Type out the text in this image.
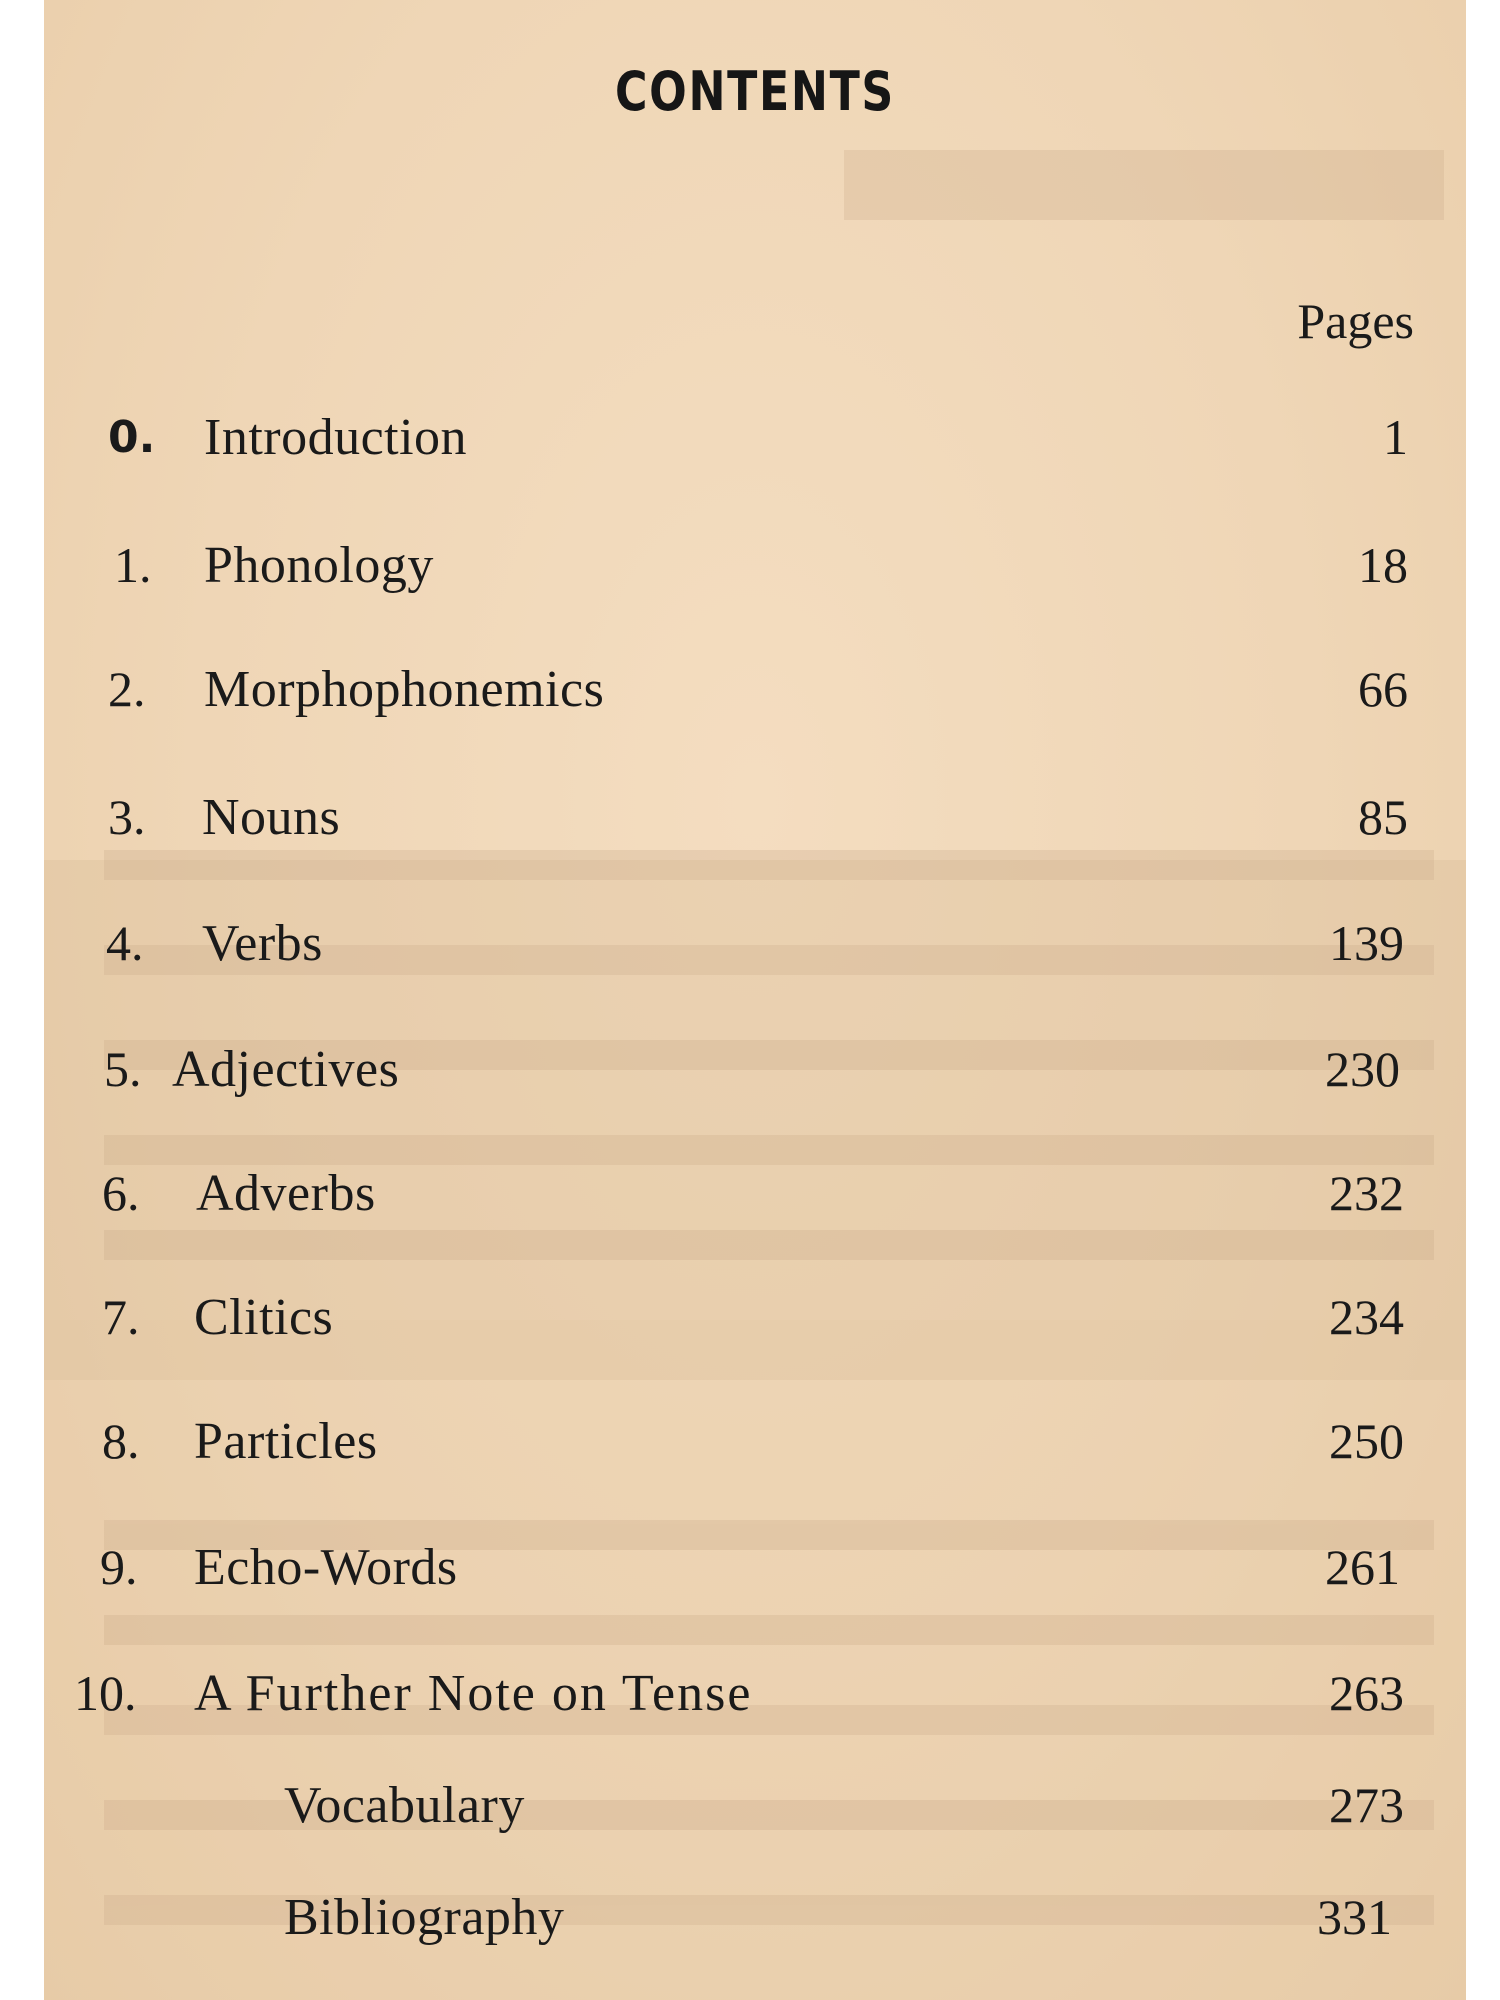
CONTENTS
Pages
0. Introduction	1
1. Phonology	18
2. Morphophonemics	66
3. Nouns	85
4. Verbs	139
5. Adjectives	230
6. Adverbs	232
7. Clitics	234
8. Particles	250
9. Echo-Words	261
10. A Further Note on Tense	263
Vocabulary	273
Bibliography	331
